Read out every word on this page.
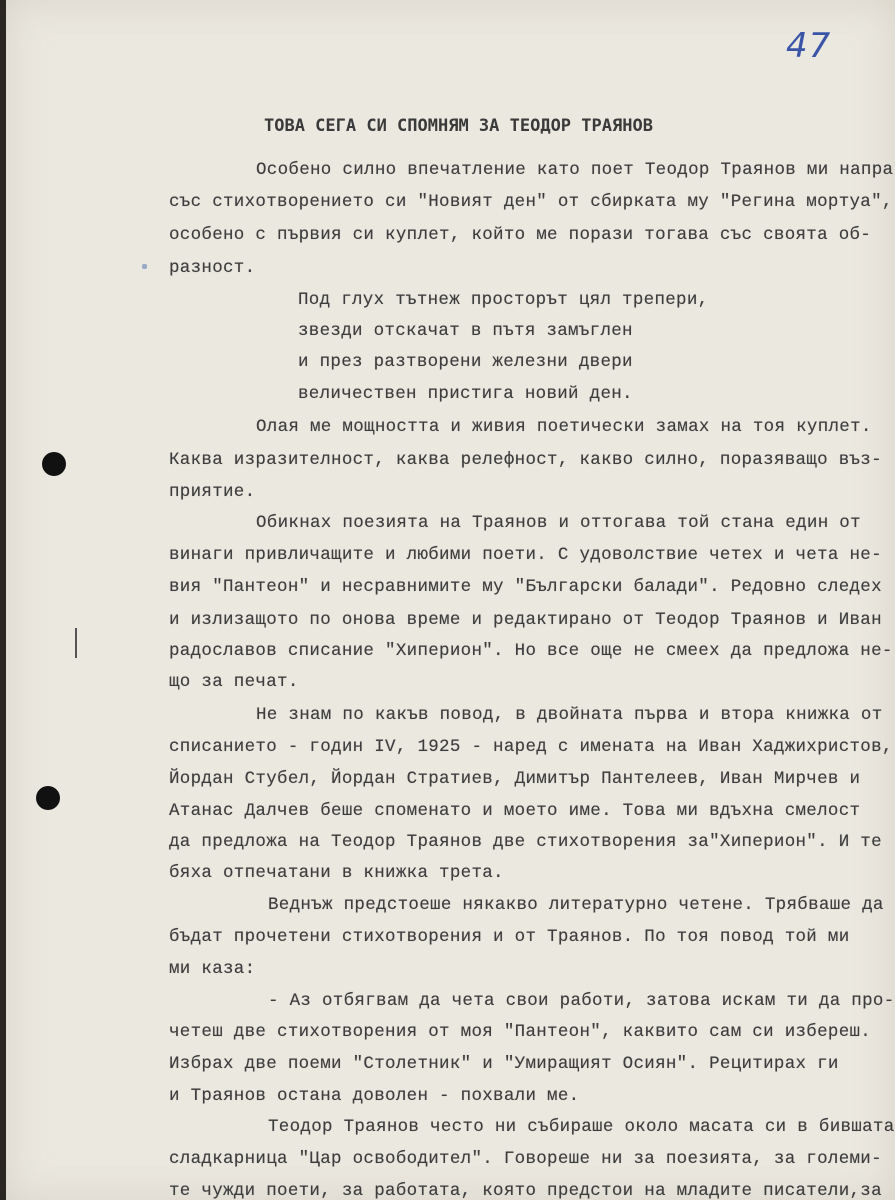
47
ТОВА СЕГА СИ СПОМНЯМ ЗА ТЕОДОР ТРАЯНОВ
Особено силно впечатление като поет Теодор Траянов ми напра
със стихотворението си "Новият ден" от сбирката му "Регина мортуа",
особено с първия си куплет, който ме порази тогава със своята об-
разност.
Под глух тътнеж просторът цял трепери,
звезди отскачат в пътя замъглен
и през разтворени железни двери
величествен пристига новий ден.
Олая ме мощността и живия поетически замах на тоя куплет.
Каква изразителност, каква релефност, какво силно, поразяващо въз-
приятие.
Обикнах поезията на Траянов и оттогава той стана един от
винаги привличащите и любими поети. С удоволствие четех и чета не-
вия "Пантеон" и несравнимите му "Български балади". Редовно следех
и излизащото по онова време и редактирано от Теодор Траянов и Иван
радославов списание "Хиперион". Но все още не смеех да предложа не-
що за печат.
Не знам по какъв повод, в двойната първа и втора книжка от
списанието - годин IV, 1925 - наред с имената на Иван Хаджихристов,
Йордан Стубел, Йордан Стратиев, Димитър Пантелеев, Иван Мирчев и
Атанас Далчев беше споменато и моето име. Това ми вдъхна смелост
да предложа на Теодор Траянов две стихотворения за"Хиперион". И те
бяха отпечатани в книжка трета.
Веднъж предстоеше някакво литературно четене. Трябваше да
бъдат прочетени стихотворения и от Траянов. По тоя повод той ми
ми каза:
- Аз отбягвам да чета свои работи, затова искам ти да про-
четеш две стихотворения от моя "Пантеон", каквито сам си избереш.
Избрах две поеми "Столетник" и "Умиращият Осиян". Рецитирах ги
и Траянов остана доволен - похвали ме.
Теодор Траянов често ни събираше около масата си в бившата
сладкарница "Цар освободител". Говореше ни за поезията, за големи-
те чужди поети, за работата, която предстои на младите писатели,за
